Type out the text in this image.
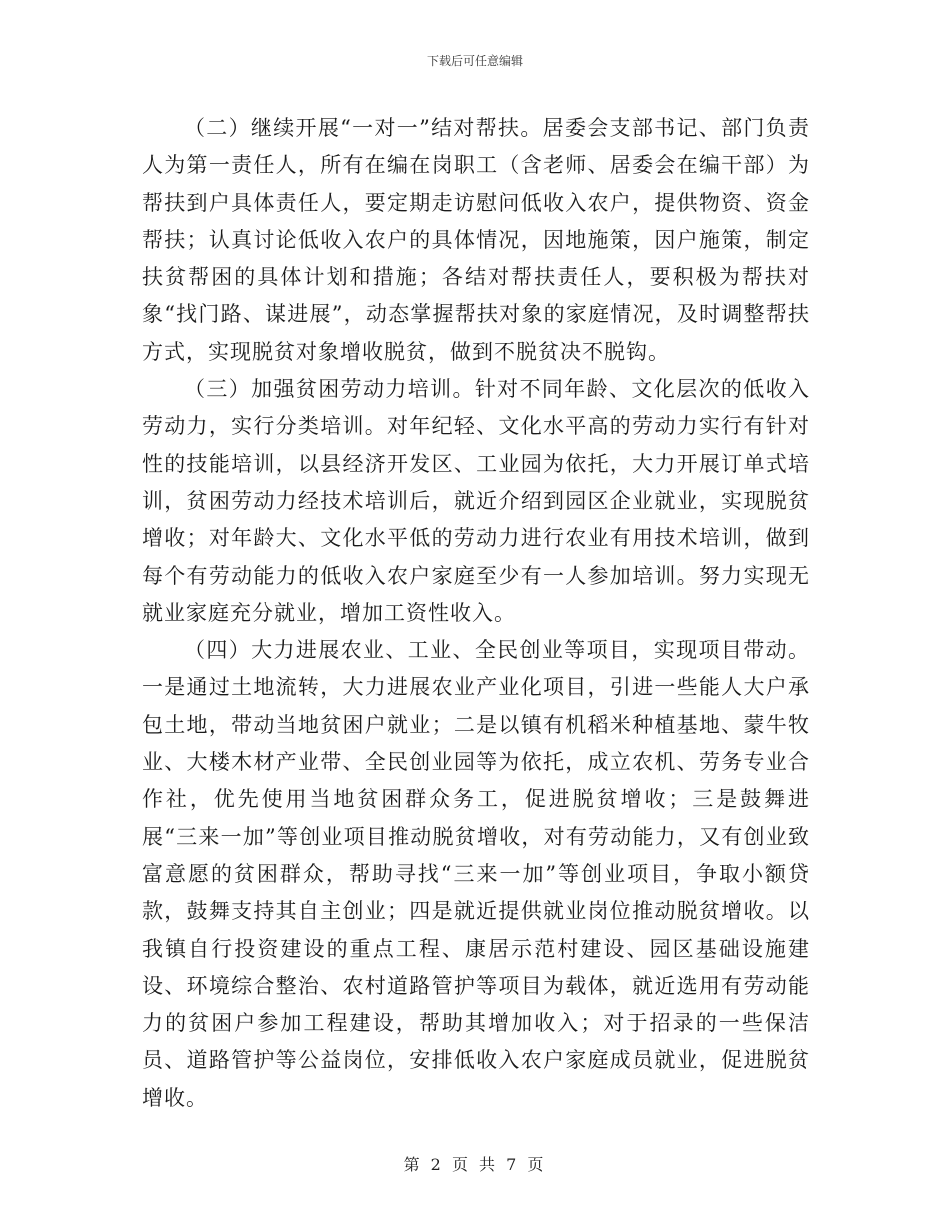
下载后可任意编辑

（二）继续开展“一对一”结对帮扶。居委会支部书记、部门负责人为第一责任人，所有在编在岗职工（含老师、居委会在编干部）为帮扶到户具体责任人，要定期走访慰问低收入农户，提供物资、资金帮扶；认真讨论低收入农户的具体情况，因地施策，因户施策，制定扶贫帮困的具体计划和措施；各结对帮扶责任人，要积极为帮扶对象“找门路、谋进展”，动态掌握帮扶对象的家庭情况，及时调整帮扶方式，实现脱贫对象增收脱贫，做到不脱贫决不脱钩。

（三）加强贫困劳动力培训。针对不同年龄、文化层次的低收入劳动力，实行分类培训。对年纪轻、文化水平高的劳动力实行有针对性的技能培训，以县经济开发区、工业园为依托，大力开展订单式培训，贫困劳动力经技术培训后，就近介绍到园区企业就业，实现脱贫增收；对年龄大、文化水平低的劳动力进行农业有用技术培训，做到每个有劳动能力的低收入农户家庭至少有一人参加培训。努力实现无就业家庭充分就业，增加工资性收入。

（四）大力进展农业、工业、全民创业等项目，实现项目带动。一是通过土地流转，大力进展农业产业化项目，引进一些能人大户承包土地，带动当地贫困户就业；二是以镇有机稻米种植基地、蒙牛牧业、大楼木材产业带、全民创业园等为依托，成立农机、劳务专业合作社，优先使用当地贫困群众务工，促进脱贫增收；三是鼓舞进展“三来一加”等创业项目推动脱贫增收，对有劳动能力，又有创业致富意愿的贫困群众，帮助寻找“三来一加”等创业项目，争取小额贷款，鼓舞支持其自主创业；四是就近提供就业岗位推动脱贫增收。以我镇自行投资建设的重点工程、康居示范村建设、园区基础设施建设、环境综合整治、农村道路管护等项目为载体，就近选用有劳动能力的贫困户参加工程建设，帮助其增加收入；对于招录的一些保洁员、道路管护等公益岗位，安排低收入农户家庭成员就业，促进脱贫增收。

第 2 页 共 7 页
